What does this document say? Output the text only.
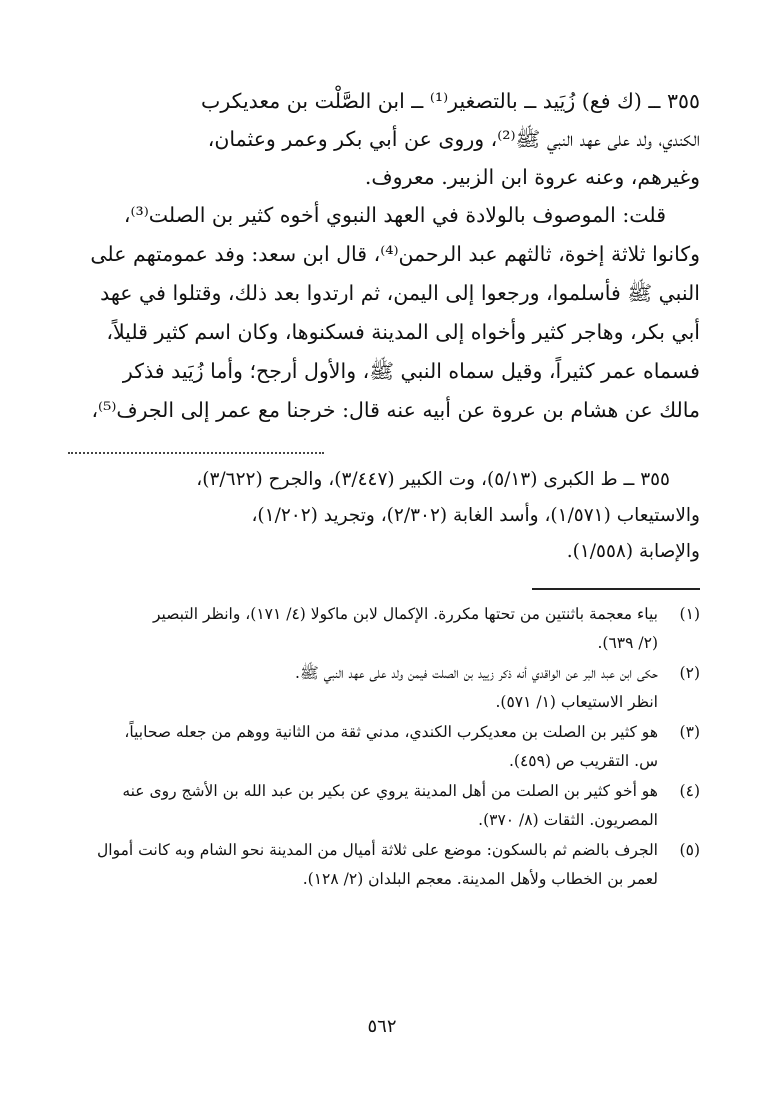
٣٥٥ ــ (ك فع) زُيَيد ــ بالتصغير⁽¹⁾ ــ ابن الصَّلْت بن معديكرب
الكندي، ولد على عهد النبي ﷺ⁽²⁾، وروى عن أبي بكر وعمر وعثمان،
وغيرهم، وعنه عروة ابن الزبير. معروف.

قلت: الموصوف بالولادة في العهد النبوي أخوه كثير بن الصلت⁽³⁾،
وكانوا ثلاثة إخوة، ثالثهم عبد الرحمن⁽⁴⁾، قال ابن سعد: وفد عمومتهم على
النبي ﷺ فأسلموا، ورجعوا إلى اليمن، ثم ارتدوا بعد ذلك، وقتلوا في عهد
أبي بكر، وهاجر كثير وأخواه إلى المدينة فسكنوها، وكان اسم كثير قليلاً،
فسماه عمر كثيراً، وقيل سماه النبي ﷺ، والأول أرجح؛ وأما زُيَيد فذكر
مالك عن هشام بن عروة عن أبيه عنه قال: خرجنا مع عمر إلى الجرف⁽⁵⁾،

٣٥٥ ــ ط الكبرى (٥/١٣)، وت الكبير (٣/٤٤٧)، والجرح (٣/٦٢٢)،
والاستيعاب (١/٥٧١)، وأسد الغابة (٢/٣٠٢)، وتجريد (١/٢٠٢)،
والإصابة (١/٥٥٨).

(١)

بياء معجمة باثنتين من تحتها مكررة. الإكمال لابن ماكولا (٤/ ١٧١)، وانظر التبصير
(٢/ ٦٣٩).

(٢)

حكى ابن عبد البر عن الواقدي أنه ذكر زييد بن الصلت فيمن ولد على عهد النبي ﷺ.
انظر الاستيعاب (١/ ٥٧١).

(٣)

هو كثير بن الصلت بن معديكرب الكندي، مدني ثقة من الثانية ووهم من جعله صحابياً،
س. التقريب ص (٤٥٩).

(٤)

هو أخو كثير بن الصلت من أهل المدينة يروي عن بكير بن عبد الله بن الأشج روى عنه
المصريون. الثقات (٨/ ٣٧٠).

(٥)

الجرف بالضم ثم بالسكون: موضع على ثلاثة أميال من المدينة نحو الشام وبه كانت أموال
لعمر بن الخطاب ولأهل المدينة. معجم البلدان (٢/ ١٢٨).

٥٦٢
